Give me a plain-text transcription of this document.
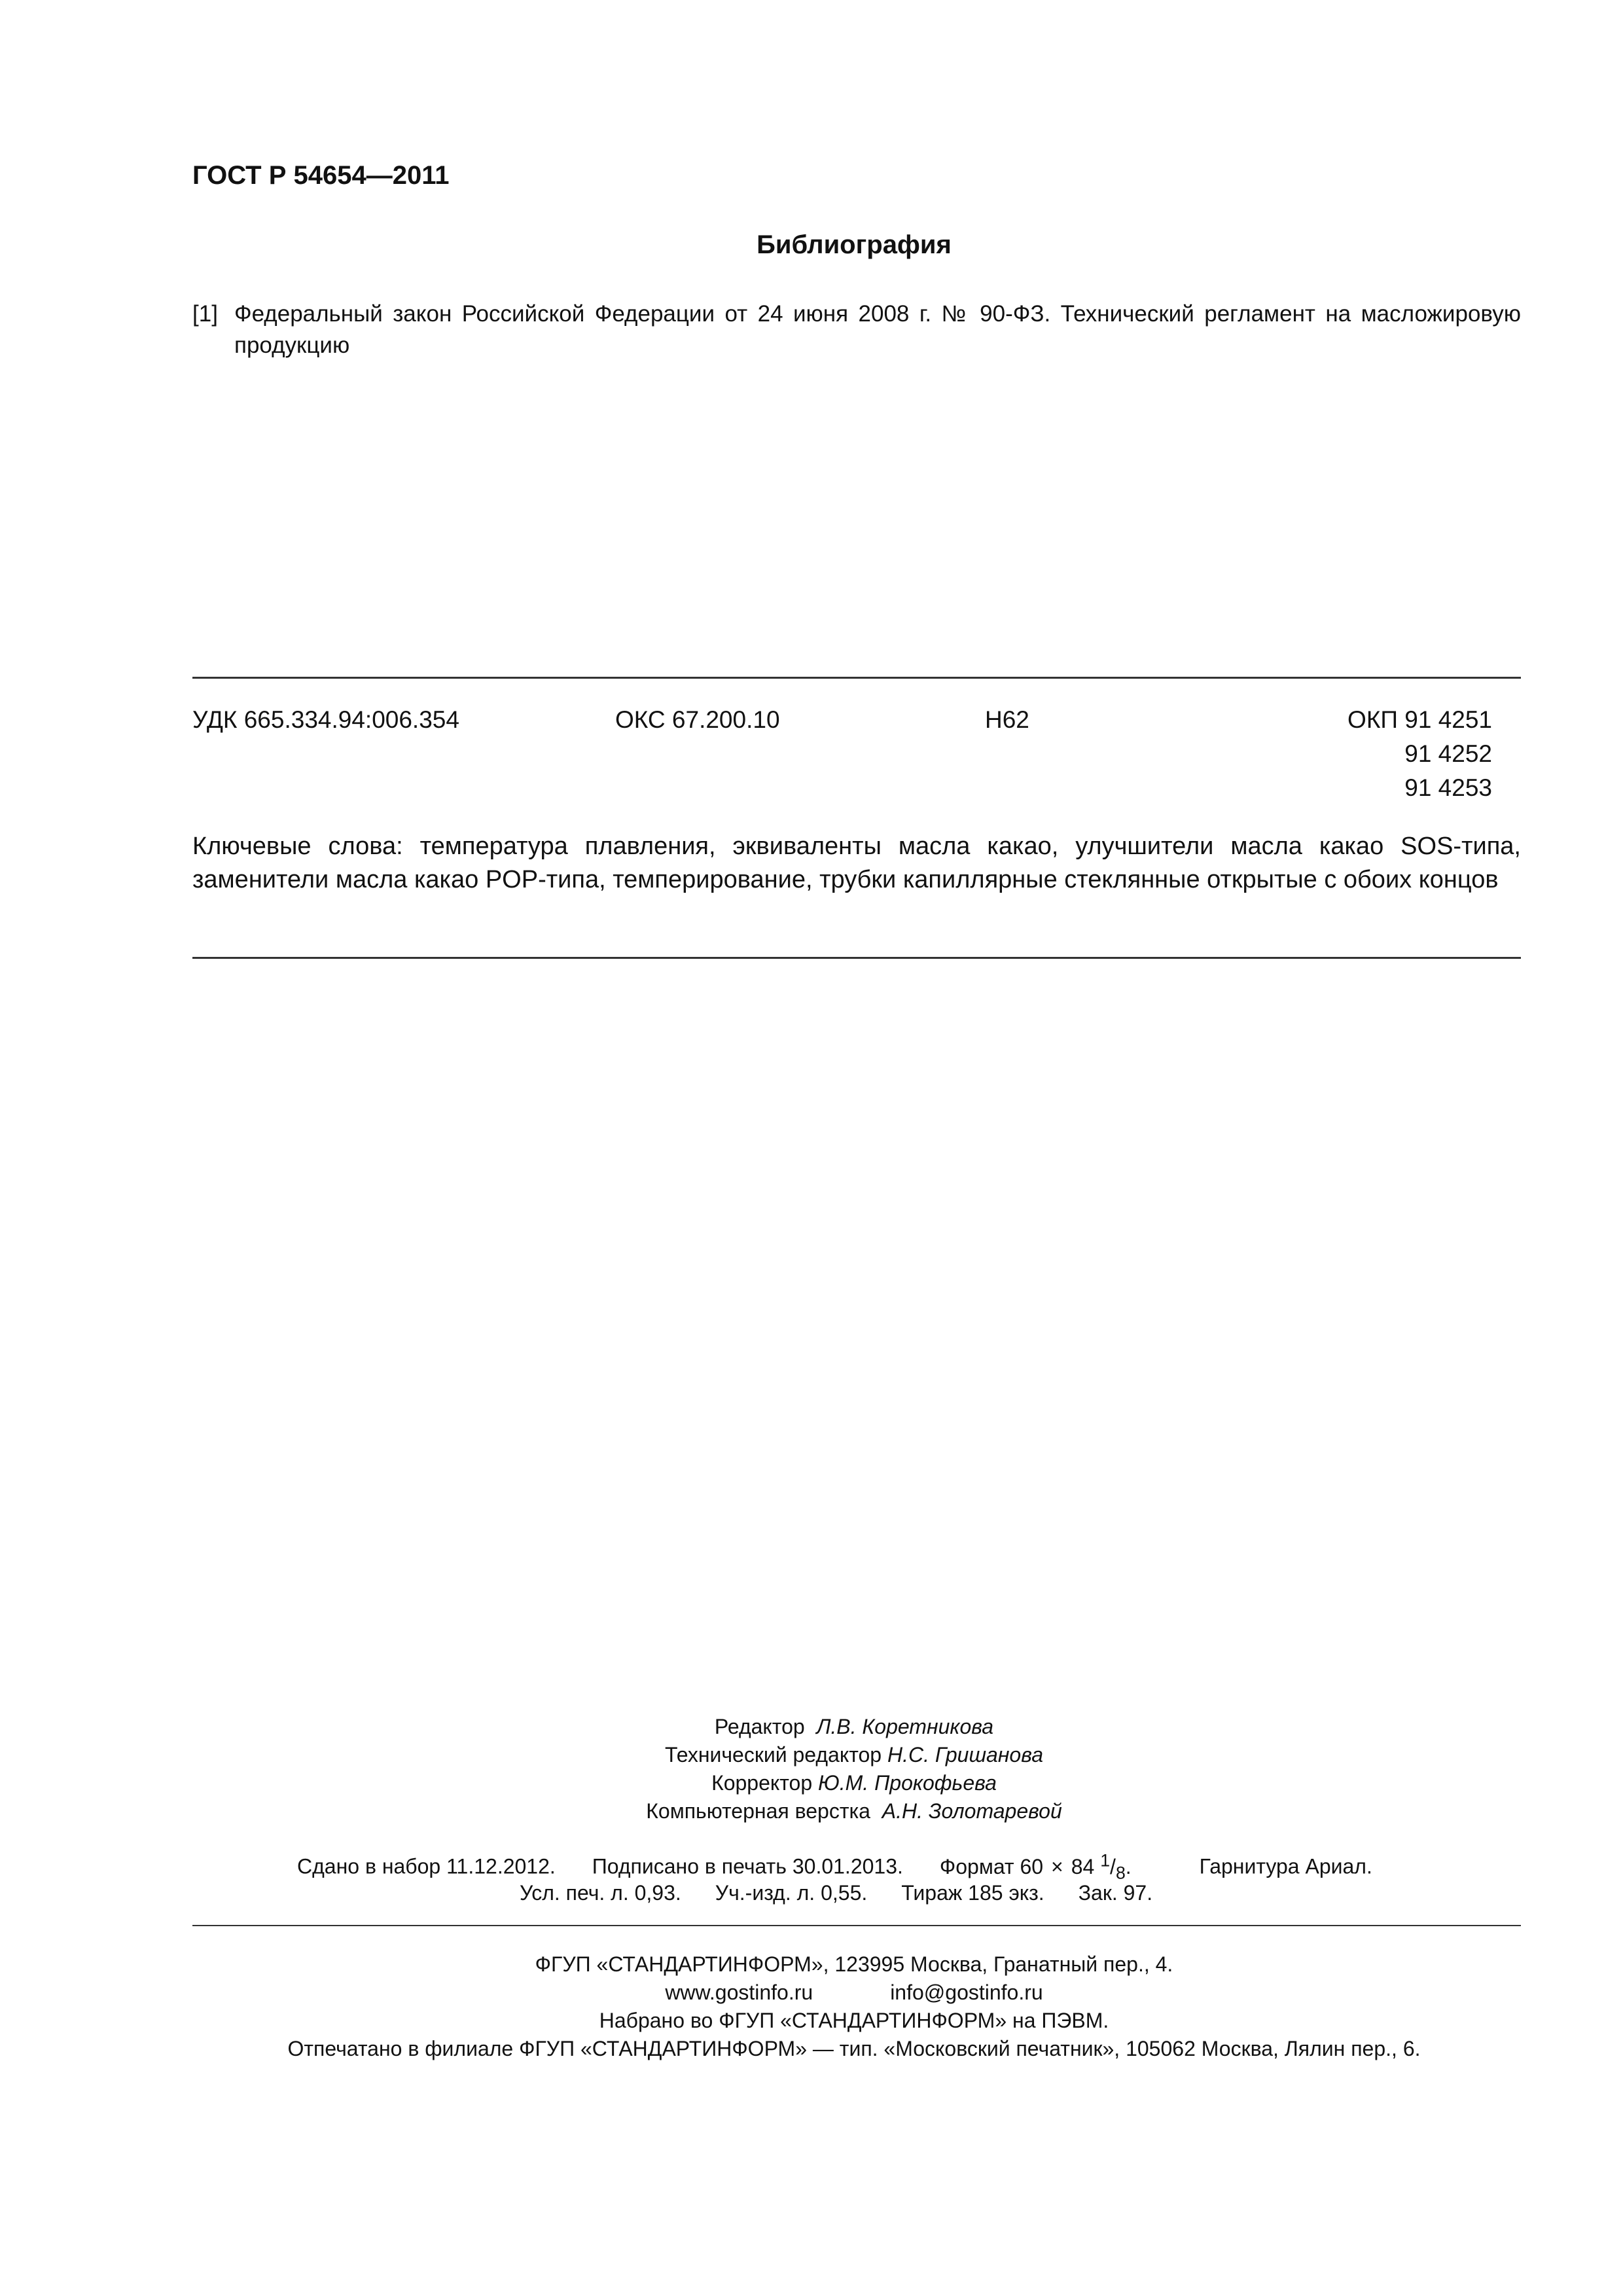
ГОСТ Р 54654—2011
Библиография
[1] Федеральный закон Российской Федерации от 24 июня 2008 г. № 90-ФЗ. Технический регламент на масложировую продукцию
УДК 665.334.94:006.354	ОКС 67.200.10	Н62	ОКП 91 4251
91 4252
91 4253
Ключевые слова: температура плавления, эквиваленты масла какао, улучшители масла какао SOS-типа, заменители масла какао POP-типа, темперирование, трубки капиллярные стеклянные открытые с обоих концов
Редактор Л.В. Коретникова
Технический редактор Н.С. Гришанова
Корректор Ю.М. Прокофьева
Компьютерная верстка А.Н. Золотаревой
Сдано в набор 11.12.2012. Подписано в печать 30.01.2013. Формат 60 × 84 $^1/_8$.	Гарнитура Ариал.
Усл. печ. л. 0,93. Уч.-изд. л. 0,55. Тираж 185 экз. Зак. 97.
ФГУП «СТАНДАРТИНФОРМ», 123995 Москва, Гранатный пер., 4.
www.gostinfo.ru	info@gostinfo.ru
Набрано во ФГУП «СТАНДАРТИНФОРМ» на ПЭВМ.
Отпечатано в филиале ФГУП «СТАНДАРТИНФОРМ» — тип. «Московский печатник», 105062 Москва, Лялин пер., 6.
